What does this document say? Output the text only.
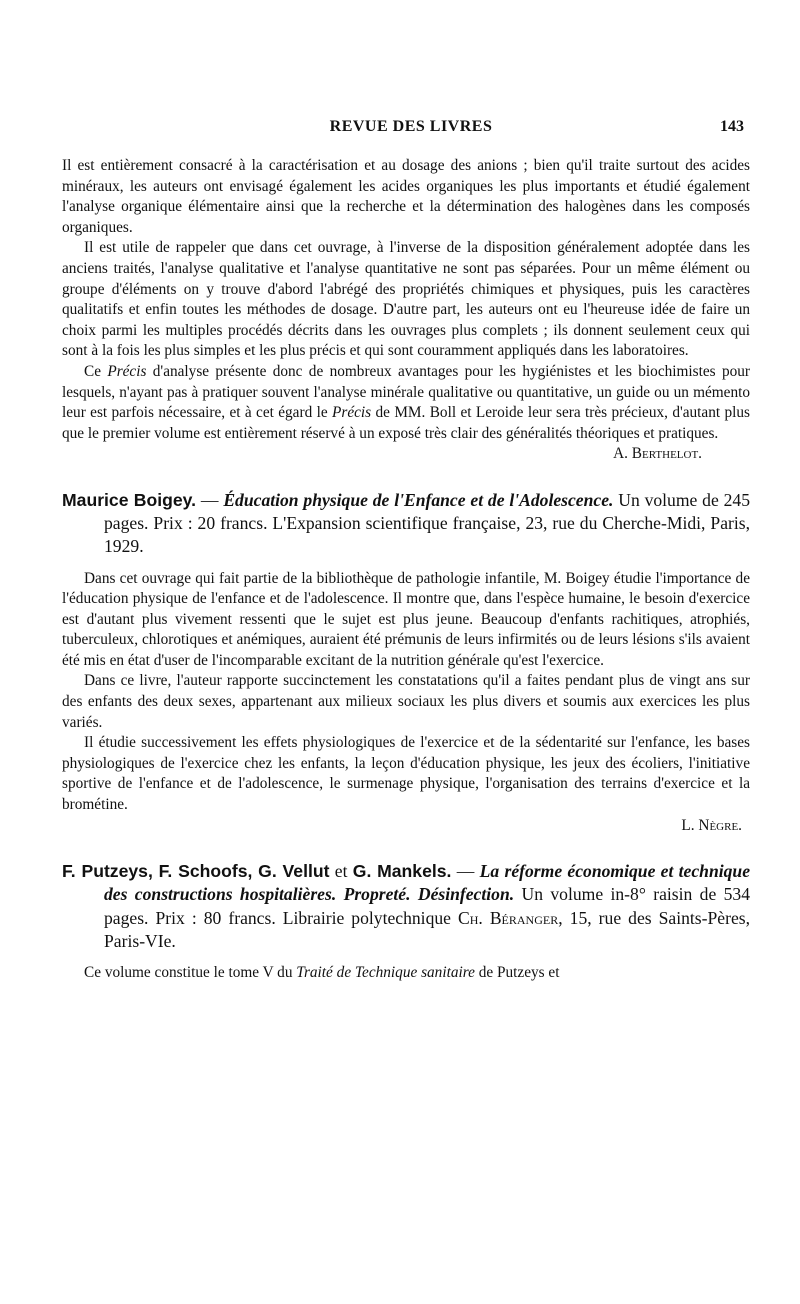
REVUE DES LIVRES	143

Il est entièrement consacré à la caractérisation et au dosage des anions ; bien qu'il traite surtout des acides minéraux, les auteurs ont envisagé également les acides organiques les plus importants et étudié également l'analyse organique élémentaire ainsi que la recherche et la détermination des halogènes dans les composés organiques.

Il est utile de rappeler que dans cet ouvrage, à l'inverse de la disposition généralement adoptée dans les anciens traités, l'analyse qualitative et l'analyse quantitative ne sont pas séparées. Pour un même élément ou groupe d'éléments on y trouve d'abord l'abrégé des propriétés chimiques et physiques, puis les caractères qualitatifs et enfin toutes les méthodes de dosage. D'autre part, les auteurs ont eu l'heureuse idée de faire un choix parmi les multiples procédés décrits dans les ouvrages plus complets ; ils donnent seulement ceux qui sont à la fois les plus simples et les plus précis et qui sont couramment appliqués dans les laboratoires.

Ce Précis d'analyse présente donc de nombreux avantages pour les hygiénistes et les biochimistes pour lesquels, n'ayant pas à pratiquer souvent l'analyse minérale qualitative ou quantitative, un guide ou un mémento leur est parfois nécessaire, et à cet égard le Précis de MM. Boll et Leroide leur sera très précieux, d'autant plus que le premier volume est entièrement réservé à un exposé très clair des généralités théoriques et pratiques.

A. Berthelot.

Maurice Boigey. — Éducation physique de l'Enfance et de l'Adolescence. Un volume de 245 pages. Prix : 20 francs. L'Expansion scientifique française, 23, rue du Cherche-Midi, Paris, 1929.

Dans cet ouvrage qui fait partie de la bibliothèque de pathologie infantile, M. Boigey étudie l'importance de l'éducation physique de l'enfance et de l'adolescence. Il montre que, dans l'espèce humaine, le besoin d'exercice est d'autant plus vivement ressenti que le sujet est plus jeune. Beaucoup d'enfants rachitiques, atrophiés, tuberculeux, chlorotiques et anémiques, auraient été prémunis de leurs infirmités ou de leurs lésions s'ils avaient été mis en état d'user de l'incomparable excitant de la nutrition générale qu'est l'exercice.

Dans ce livre, l'auteur rapporte succinctement les constatations qu'il a faites pendant plus de vingt ans sur des enfants des deux sexes, appartenant aux milieux sociaux les plus divers et soumis aux exercices les plus variés.

Il étudie successivement les effets physiologiques de l'exercice et de la sédentarité sur l'enfance, les bases physiologiques de l'exercice chez les enfants, la leçon d'éducation physique, les jeux des écoliers, l'initiative sportive de l'enfance et de l'adolescence, le surmenage physique, l'organisation des terrains d'exercice et la brométine.

L. Nègre.

F. Putzeys, F. Schoofs, G. Vellut et G. Mankels. — La réforme économique et technique des constructions hospitalières. Propreté. Désinfection. Un volume in-8° raisin de 534 pages. Prix : 80 francs. Librairie polytechnique Ch. Béranger, 15, rue des Saints-Pères, Paris-VIe.

Ce volume constitue le tome V du Traité de Technique sanitaire de Putzeys et
